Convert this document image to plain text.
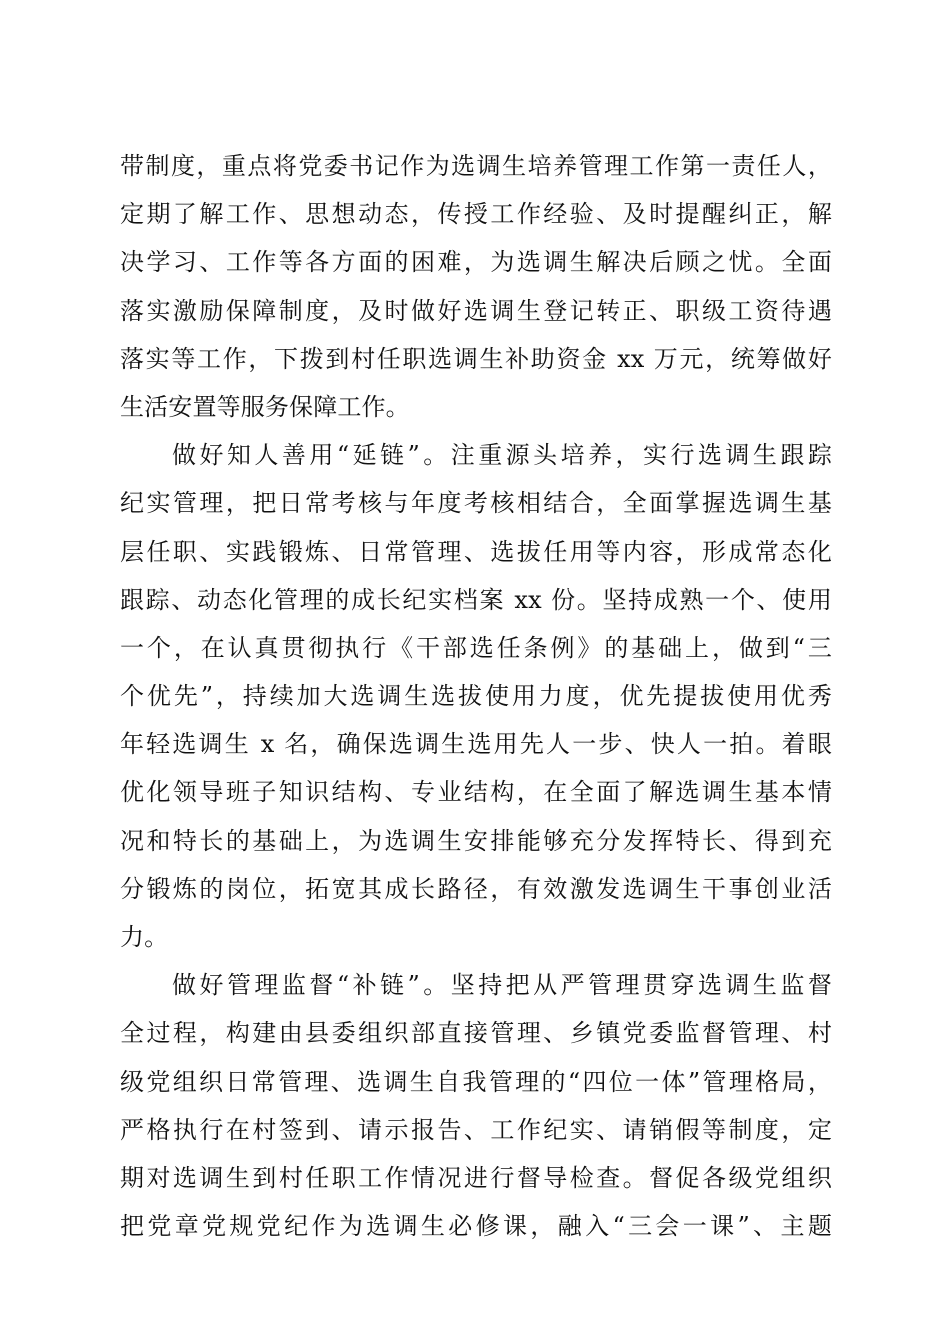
带制度，重点将党委书记作为选调生培养管理工作第一责任人，
定期了解工作、思想动态，传授工作经验、及时提醒纠正，解
决学习、工作等各方面的困难，为选调生解决后顾之忧。全面
落实激励保障制度，及时做好选调生登记转正、职级工资待遇
落实等工作，下拨到村任职选调生补助资金 xx 万元，统筹做好
生活安置等服务保障工作。
做好知人善用“延链”。注重源头培养，实行选调生跟踪
纪实管理，把日常考核与年度考核相结合，全面掌握选调生基
层任职、实践锻炼、日常管理、选拔任用等内容，形成常态化
跟踪、动态化管理的成长纪实档案 xx 份。坚持成熟一个、使用
一个，在认真贯彻执行《干部选任条例》的基础上，做到“三
个优先”，持续加大选调生选拔使用力度，优先提拔使用优秀
年轻选调生 x 名，确保选调生选用先人一步、快人一拍。着眼
优化领导班子知识结构、专业结构，在全面了解选调生基本情
况和特长的基础上，为选调生安排能够充分发挥特长、得到充
分锻炼的岗位，拓宽其成长路径，有效激发选调生干事创业活
力。
做好管理监督“补链”。坚持把从严管理贯穿选调生监督
全过程，构建由县委组织部直接管理、乡镇党委监督管理、村
级党组织日常管理、选调生自我管理的“四位一体”管理格局，
严格执行在村签到、请示报告、工作纪实、请销假等制度，定
期对选调生到村任职工作情况进行督导检查。督促各级党组织
把党章党规党纪作为选调生必修课，融入“三会一课”、主题
